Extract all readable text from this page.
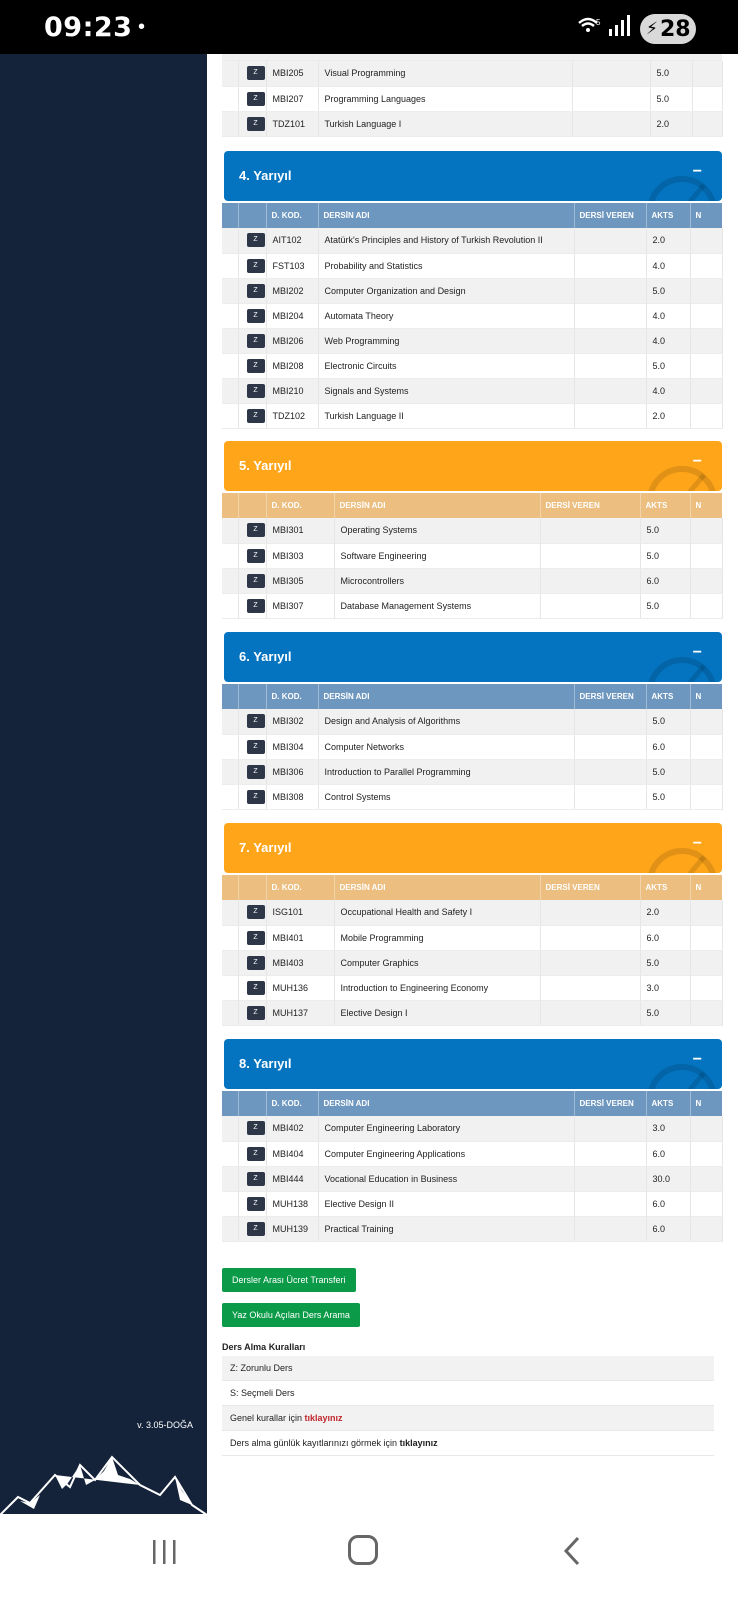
09:23 •	5	⚡ 28
v. 3.05-DOĞA
	Z	MBI205	Visual Programming		5.0	
	Z	MBI207	Programming Languages		5.0	
	Z	TDZ101	Turkish Language I		2.0	
4. Yarıyıl	−
		D. KOD.	DERSİN ADI	DERSİ VEREN	AKTS	N
	Z	AIT102	Atatürk's Principles and History of Turkish Revolution II		2.0	
	Z	FST103	Probability and Statistics		4.0	
	Z	MBI202	Computer Organization and Design		5.0	
	Z	MBI204	Automata Theory		4.0	
	Z	MBI206	Web Programming		4.0	
	Z	MBI208	Electronic Circuits		5.0	
	Z	MBI210	Signals and Systems		4.0	
	Z	TDZ102	Turkish Language II		2.0	
5. Yarıyıl	−
		D. KOD.	DERSİN ADI	DERSİ VEREN	AKTS	N
	Z	MBI301	Operating Systems		5.0	
	Z	MBI303	Software Engineering		5.0	
	Z	MBI305	Microcontrollers		6.0	
	Z	MBI307	Database Management Systems		5.0	
6. Yarıyıl	−
		D. KOD.	DERSİN ADI	DERSİ VEREN	AKTS	N
	Z	MBI302	Design and Analysis of Algorithms		5.0	
	Z	MBI304	Computer Networks		6.0	
	Z	MBI306	Introduction to Parallel Programming		5.0	
	Z	MBI308	Control Systems		5.0	
7. Yarıyıl	−
		D. KOD.	DERSİN ADI	DERSİ VEREN	AKTS	N
	Z	ISG101	Occupational Health and Safety I		2.0	
	Z	MBI401	Mobile Programming		6.0	
	Z	MBI403	Computer Graphics		5.0	
	Z	MUH136	Introduction to Engineering Economy		3.0	
	Z	MUH137	Elective Design I		5.0	
8. Yarıyıl	−
		D. KOD.	DERSİN ADI	DERSİ VEREN	AKTS	N
	Z	MBI402	Computer Engineering Laboratory		3.0	
	Z	MBI404	Computer Engineering Applications		6.0	
	Z	MBI444	Vocational Education in Business		30.0	
	Z	MUH138	Elective Design II		6.0	
	Z	MUH139	Practical Training		6.0	
Dersler Arası Ücret Transferi
Yaz Okulu Açılan Ders Arama
Ders Alma Kuralları
Z: Zorunlu Ders
S: Seçmeli Ders
Genel kurallar için tıklayınız
Ders alma günlük kayıtlarınızı görmek için tıklayınız
